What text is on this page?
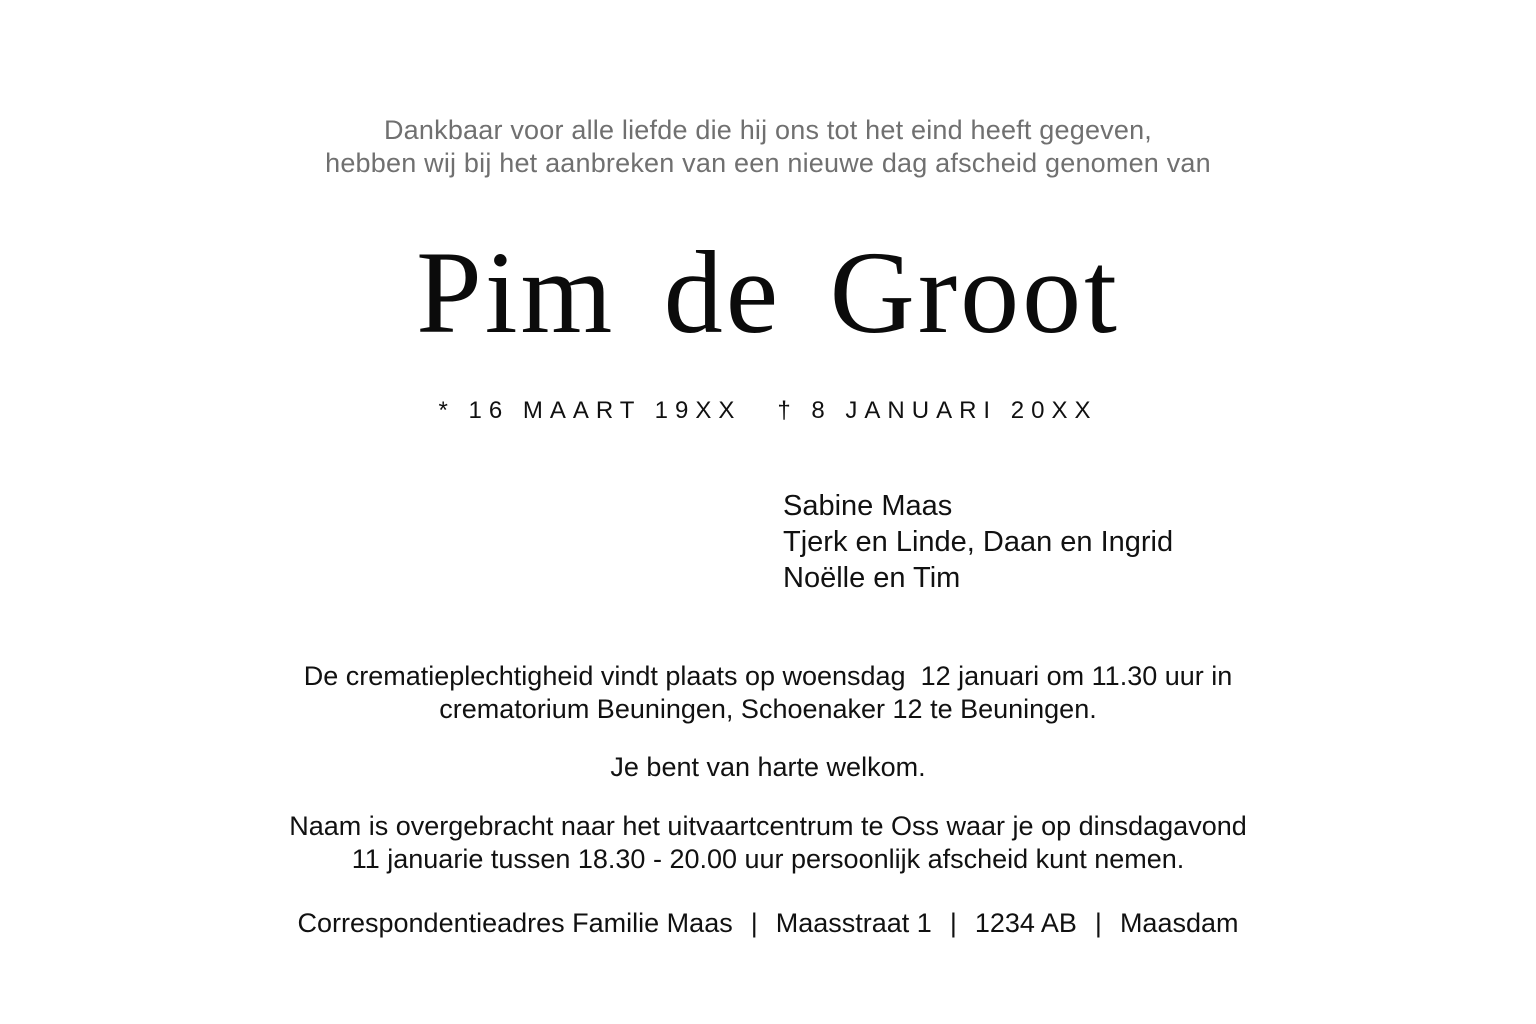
Dankbaar voor alle liefde die hij ons tot het eind heeft gegeven,
hebben wij bij het aanbreken van een nieuwe dag afscheid genomen van
Pim de Groot
* 16 MAART 19XX † 8 JANUARI 20XX
Sabine Maas
Tjerk en Linde, Daan en Ingrid
Noëlle en Tim
De crematieplechtigheid vindt plaats op woensdag  12 januari om 11.30 uur in
crematorium Beuningen, Schoenaker 12 te Beuningen.
Je bent van harte welkom.
Naam is overgebracht naar het uitvaartcentrum te Oss waar je op dinsdagavond
11 januarie tussen 18.30 - 20.00 uur persoonlijk afscheid kunt nemen.
Correspondentieadres Familie Maas | Maasstraat 1 | 1234 AB | Maasdam
